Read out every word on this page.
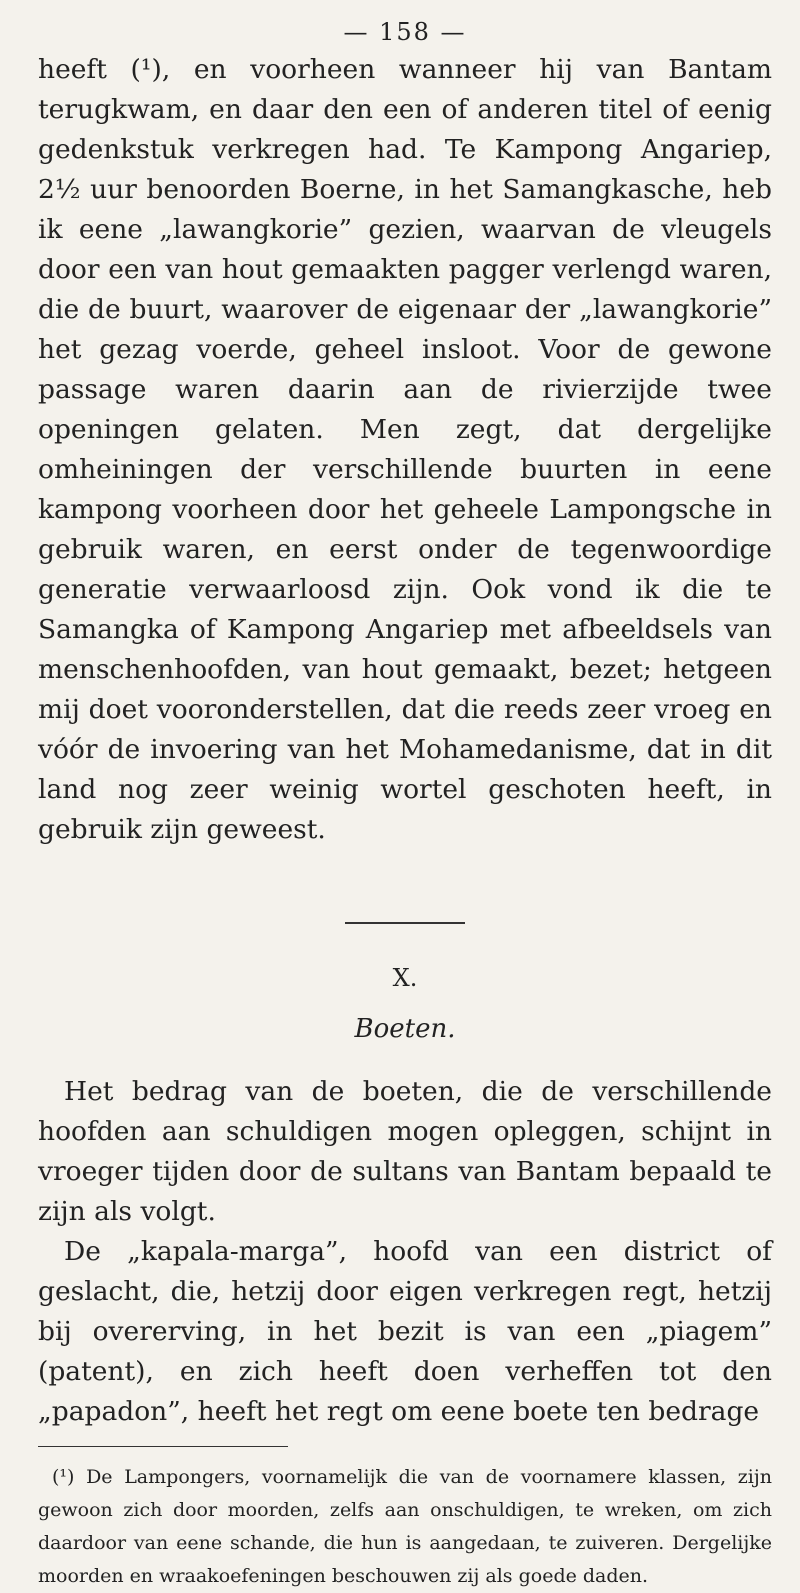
— 158 —

heeft (¹), en voorheen wanneer hij van Bantam terugkwam, en daar den een of anderen titel of eenig gedenkstuk verkregen had. Te Kampong Angariep, 2½ uur benoorden Boerne, in het Samangkasche, heb ik eene „lawangkorie” gezien, waarvan de vleugels door een van hout gemaakten pagger verlengd waren, die de buurt, waarover de eigenaar der „lawangkorie” het gezag voerde, geheel insloot. Voor de gewone passage waren daarin aan de rivierzijde twee openingen gelaten. Men zegt, dat dergelijke omheiningen der verschillende buurten in eene kampong voorheen door het geheele Lampongsche in gebruik waren, en eerst onder de tegenwoordige generatie verwaarloosd zijn. Ook vond ik die te Samangka of Kampong Angariep met afbeeldsels van menschenhoofden, van hout gemaakt, bezet; hetgeen mij doet vooronderstellen, dat die reeds zeer vroeg en vóór de invoering van het Mohamedanisme, dat in dit land nog zeer weinig wortel geschoten heeft, in gebruik zijn geweest.

X.
Boeten.

Het bedrag van de boeten, die de verschillende hoofden aan schuldigen mogen opleggen, schijnt in vroeger tijden door de sultans van Bantam bepaald te zijn als volgt.

De „kapala-marga”, hoofd van een district of geslacht, die, hetzij door eigen verkregen regt, hetzij bij overerving, in het bezit is van een „piagem” (patent), en zich heeft doen verheffen tot den „papadon”, heeft het regt om eene boete ten bedrage

(¹) De Lampongers, voornamelijk die van de voornamere klassen, zijn gewoon zich door moorden, zelfs aan onschuldigen, te wreken, om zich daardoor van eene schande, die hun is aangedaan, te zuiveren. Dergelijke moorden en wraakoefeningen beschouwen zij als goede daden.
